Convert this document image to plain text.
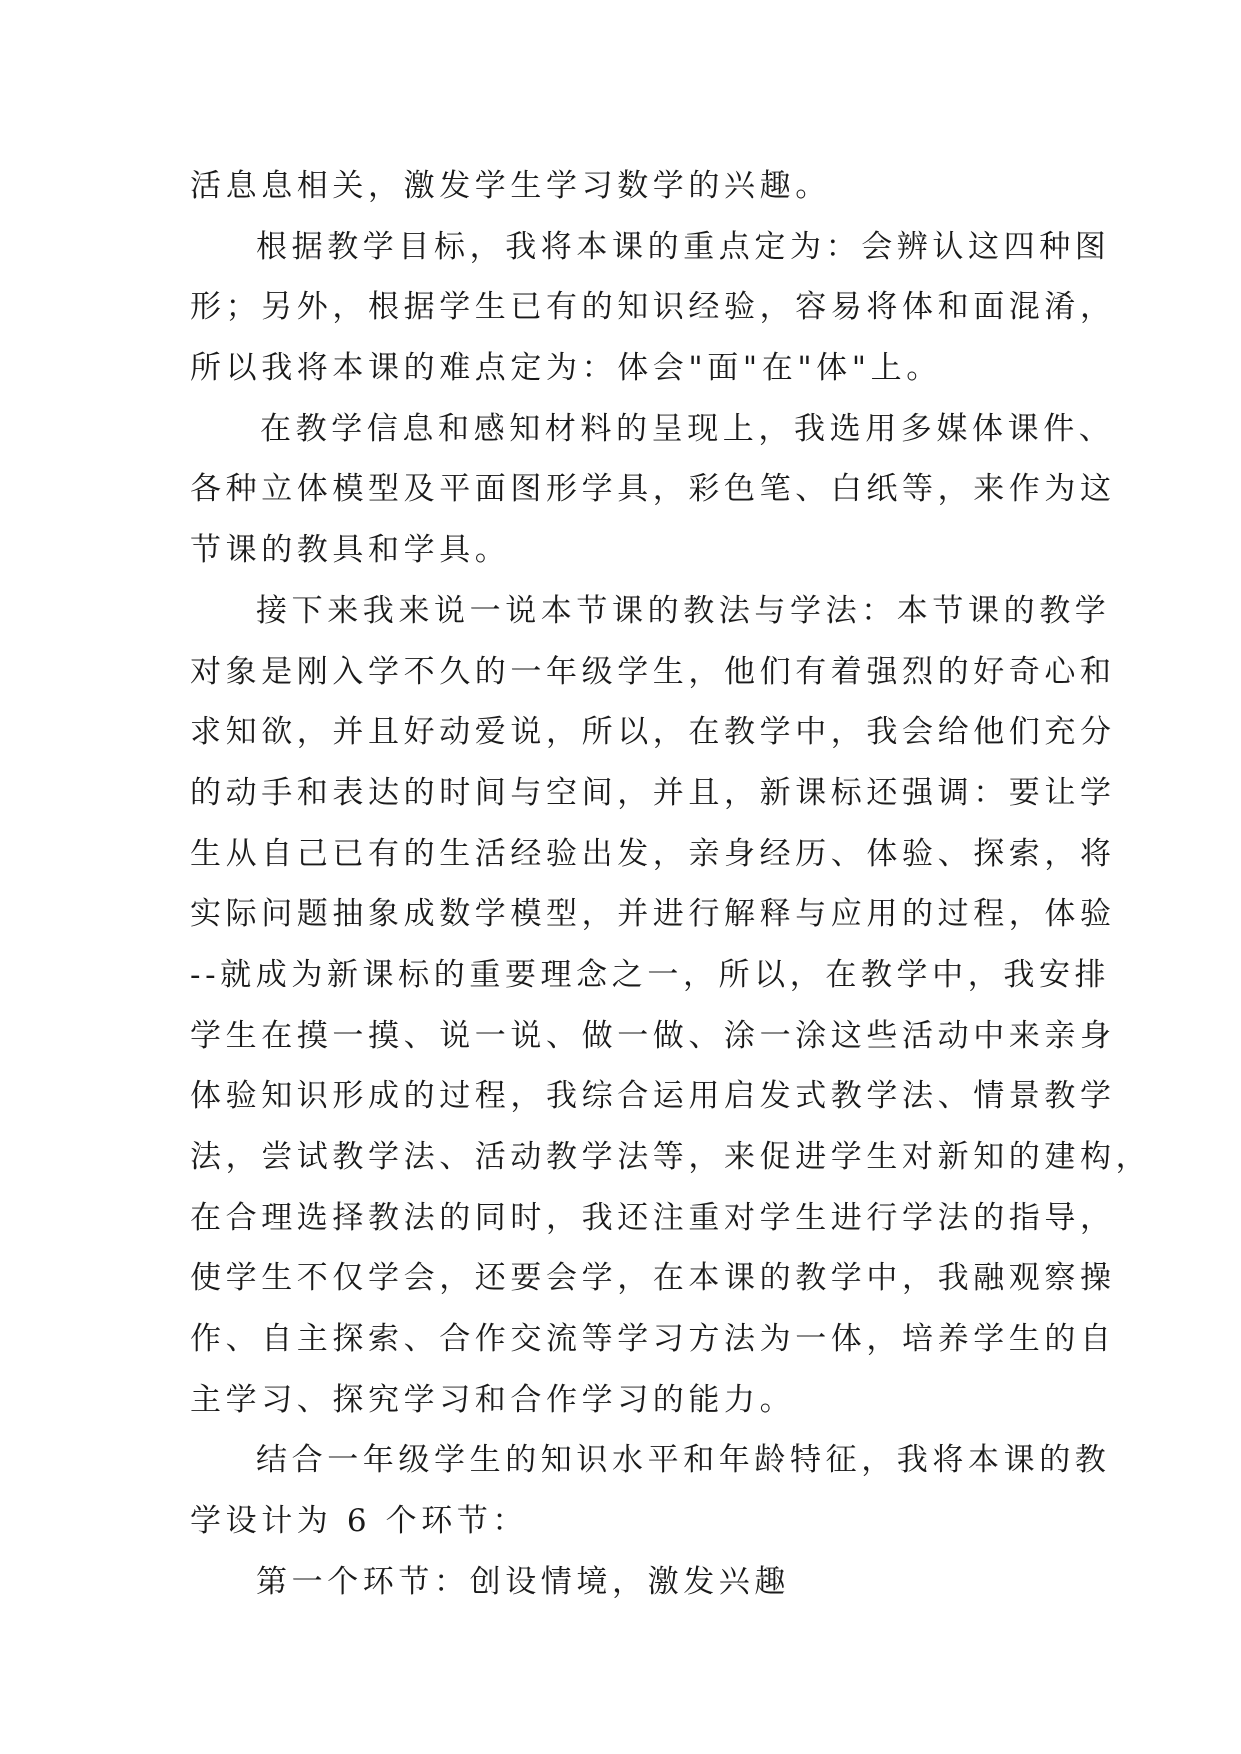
活息息相关，激发学生学习数学的兴趣。
根据教学目标，我将本课的重点定为：会辨认这四种图
形；另外，根据学生已有的知识经验，容易将体和面混淆，
所以我将本课的难点定为：体会"面"在"体"上。
在教学信息和感知材料的呈现上，我选用多媒体课件、
各种立体模型及平面图形学具，彩色笔、白纸等，来作为这
节课的教具和学具。
接下来我来说一说本节课的教法与学法：本节课的教学
对象是刚入学不久的一年级学生，他们有着强烈的好奇心和
求知欲，并且好动爱说，所以，在教学中，我会给他们充分
的动手和表达的时间与空间，并且，新课标还强调：要让学
生从自己已有的生活经验出发，亲身经历、体验、探索，将
实际问题抽象成数学模型，并进行解释与应用的过程，体验
--就成为新课标的重要理念之一，所以，在教学中，我安排
学生在摸一摸、说一说、做一做、涂一涂这些活动中来亲身
体验知识形成的过程，我综合运用启发式教学法、情景教学
法，尝试教学法、活动教学法等，来促进学生对新知的建构，
在合理选择教法的同时，我还注重对学生进行学法的指导，
使学生不仅学会，还要会学，在本课的教学中，我融观察操
作、自主探索、合作交流等学习方法为一体，培养学生的自
主学习、探究学习和合作学习的能力。
结合一年级学生的知识水平和年龄特征，我将本课的教
学设计为 6 个环节：
第一个环节：创设情境，激发兴趣
